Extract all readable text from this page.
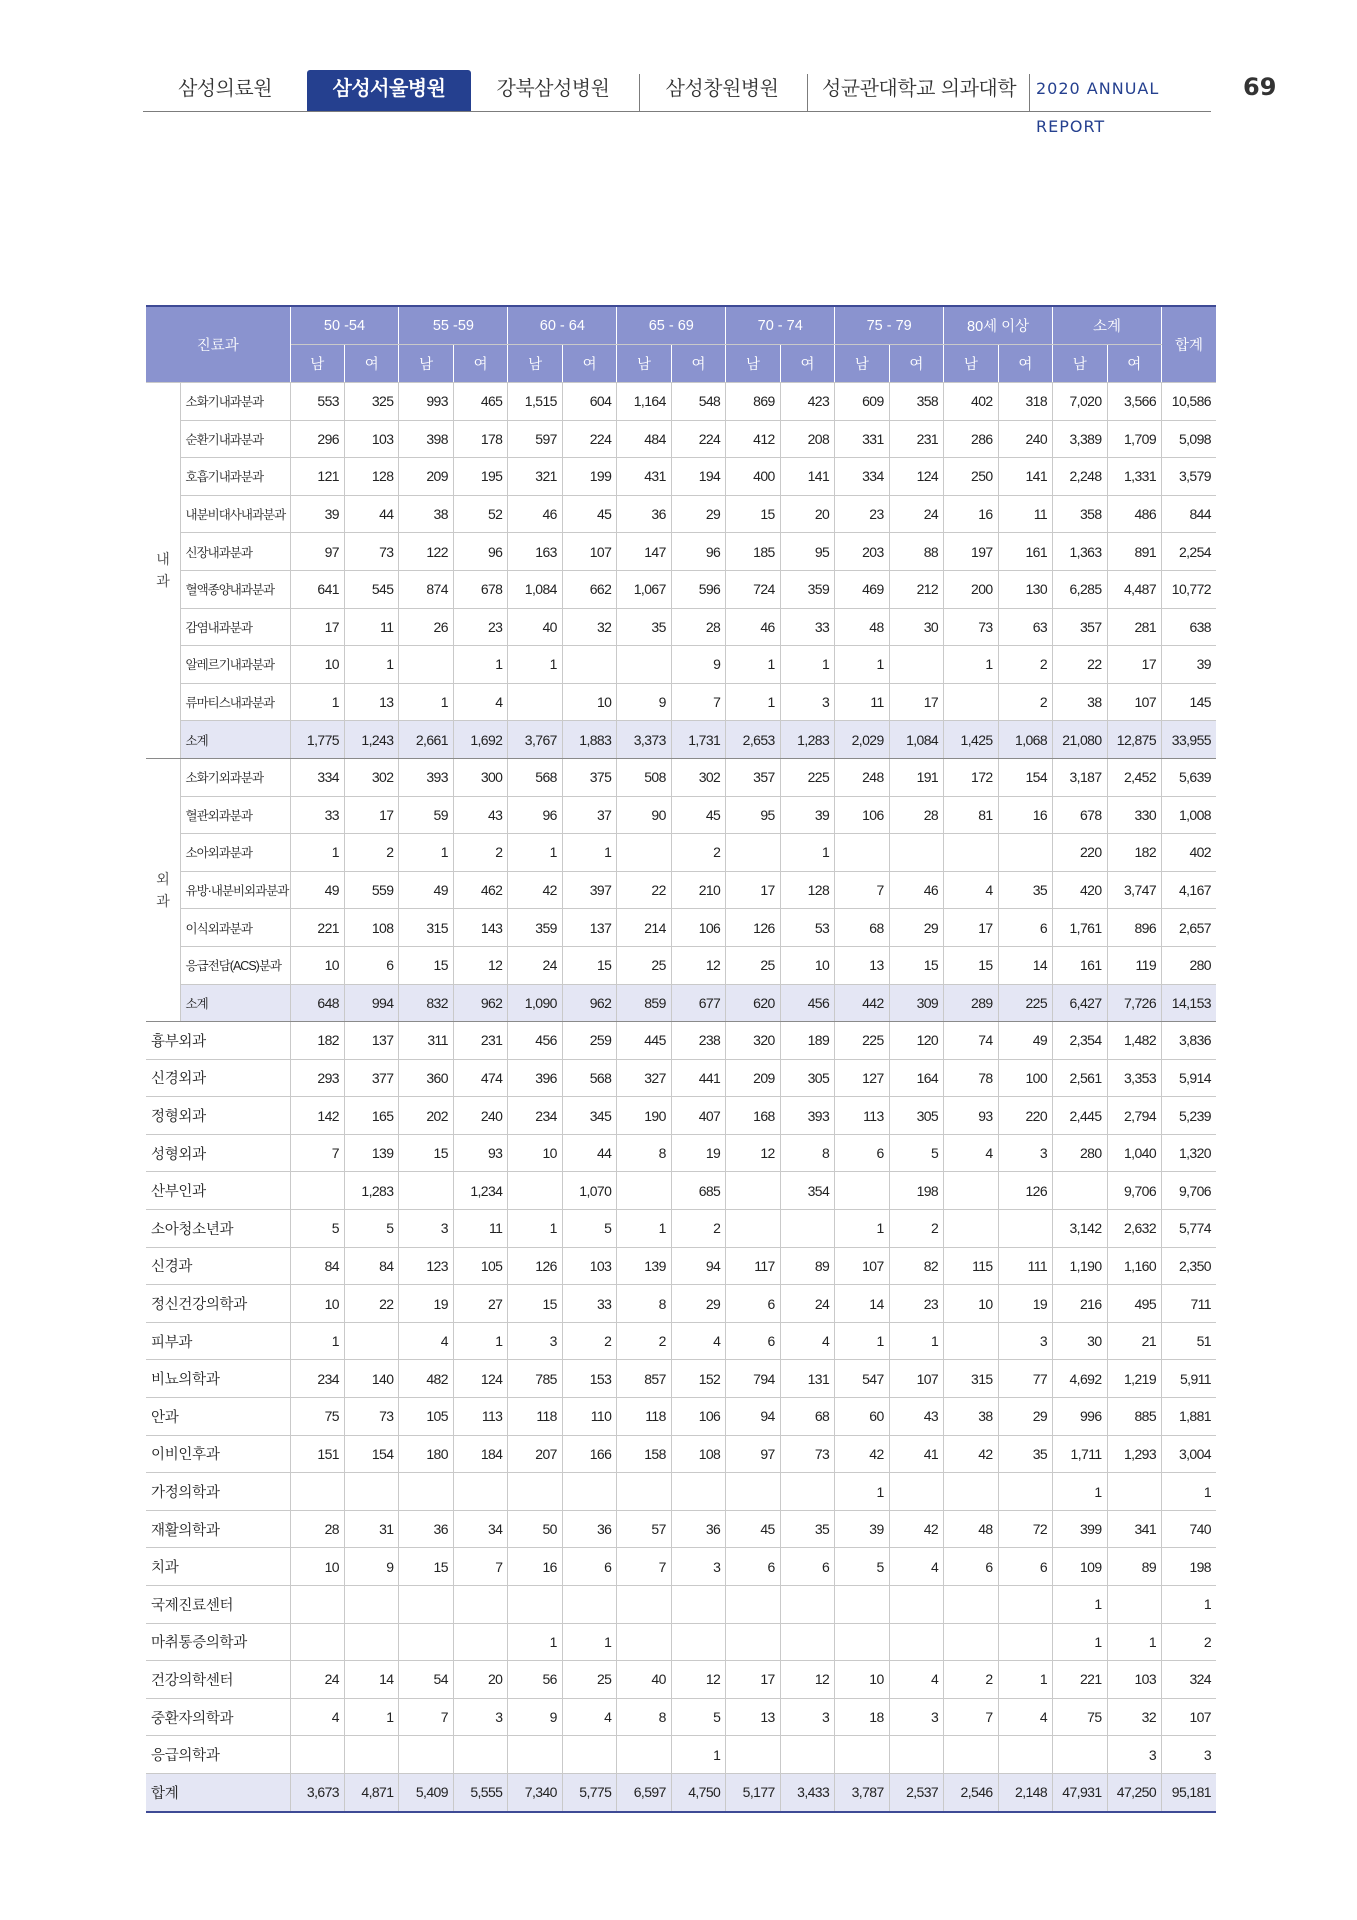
삼성의료원	삼성서울병원	강북삼성병원	삼성창원병원	성균관대학교 의과대학	2020 ANNUAL REPORT
69
진료과		50 -54		55 -59		60 - 64		65 - 69		70 - 74		75 - 79		80세 이상		소계		합계
		남	여	남	여	남	여	남	여	남	여	남	여	남	여	남	여	
내
과	소화기내과분과	553	325	993	465	1,515	604	1,164	548	869	423	609	358	402	318	7,020	3,566	10,586
	순환기내과분과	296	103	398	178	597	224	484	224	412	208	331	231	286	240	3,389	1,709	5,098
	호흡기내과분과	121	128	209	195	321	199	431	194	400	141	334	124	250	141	2,248	1,331	3,579
	내분비대사내과분과	39	44	38	52	46	45	36	29	15	20	23	24	16	11	358	486	844
	신장내과분과	97	73	122	96	163	107	147	96	185	95	203	88	197	161	1,363	891	2,254
	혈액종양내과분과	641	545	874	678	1,084	662	1,067	596	724	359	469	212	200	130	6,285	4,487	10,772
	감염내과분과	17	11	26	23	40	32	35	28	46	33	48	30	73	63	357	281	638
	알레르기내과분과	10	1		1	1			9	1	1	1		1	2	22	17	39
	류마티스내과분과	1	13	1	4		10	9	7	1	3	11	17		2	38	107	145
	소계	1,775	1,243	2,661	1,692	3,767	1,883	3,373	1,731	2,653	1,283	2,029	1,084	1,425	1,068	21,080	12,875	33,955
외
과	소화기외과분과	334	302	393	300	568	375	508	302	357	225	248	191	172	154	3,187	2,452	5,639
	혈관외과분과	33	17	59	43	96	37	90	45	95	39	106	28	81	16	678	330	1,008
	소아외과분과	1	2	1	2	1	1		2		1					220	182	402
	유방·내분비외과분과	49	559	49	462	42	397	22	210	17	128	7	46	4	35	420	3,747	4,167
	이식외과분과	221	108	315	143	359	137	214	106	126	53	68	29	17	6	1,761	896	2,657
	응급전담(ACS)분과	10	6	15	12	24	15	25	12	25	10	13	15	15	14	161	119	280
	소계	648	994	832	962	1,090	962	859	677	620	456	442	309	289	225	6,427	7,726	14,153
흉부외과		182	137	311	231	456	259	445	238	320	189	225	120	74	49	2,354	1,482	3,836
신경외과		293	377	360	474	396	568	327	441	209	305	127	164	78	100	2,561	3,353	5,914
정형외과		142	165	202	240	234	345	190	407	168	393	113	305	93	220	2,445	2,794	5,239
성형외과		7	139	15	93	10	44	8	19	12	8	6	5	4	3	280	1,040	1,320
산부인과			1,283		1,234		1,070		685		354		198		126		9,706	9,706
소아청소년과		5	5	3	11	1	5	1	2			1	2			3,142	2,632	5,774
신경과		84	84	123	105	126	103	139	94	117	89	107	82	115	111	1,190	1,160	2,350
정신건강의학과		10	22	19	27	15	33	8	29	6	24	14	23	10	19	216	495	711
피부과		1		4	1	3	2	2	4	6	4	1	1		3	30	21	51
비뇨의학과		234	140	482	124	785	153	857	152	794	131	547	107	315	77	4,692	1,219	5,911
안과		75	73	105	113	118	110	118	106	94	68	60	43	38	29	996	885	1,881
이비인후과		151	154	180	184	207	166	158	108	97	73	42	41	42	35	1,711	1,293	3,004
가정의학과												1				1		1
재활의학과		28	31	36	34	50	36	57	36	45	35	39	42	48	72	399	341	740
치과		10	9	15	7	16	6	7	3	6	6	5	4	6	6	109	89	198
국제진료센터																1		1
마취통증의학과						1	1									1	1	2
건강의학센터		24	14	54	20	56	25	40	12	17	12	10	4	2	1	221	103	324
중환자의학과		4	1	7	3	9	4	8	5	13	3	18	3	7	4	75	32	107
응급의학과									1								3	3
합계		3,673	4,871	5,409	5,555	7,340	5,775	6,597	4,750	5,177	3,433	3,787	2,537	2,546	2,148	47,931	47,250	95,181
